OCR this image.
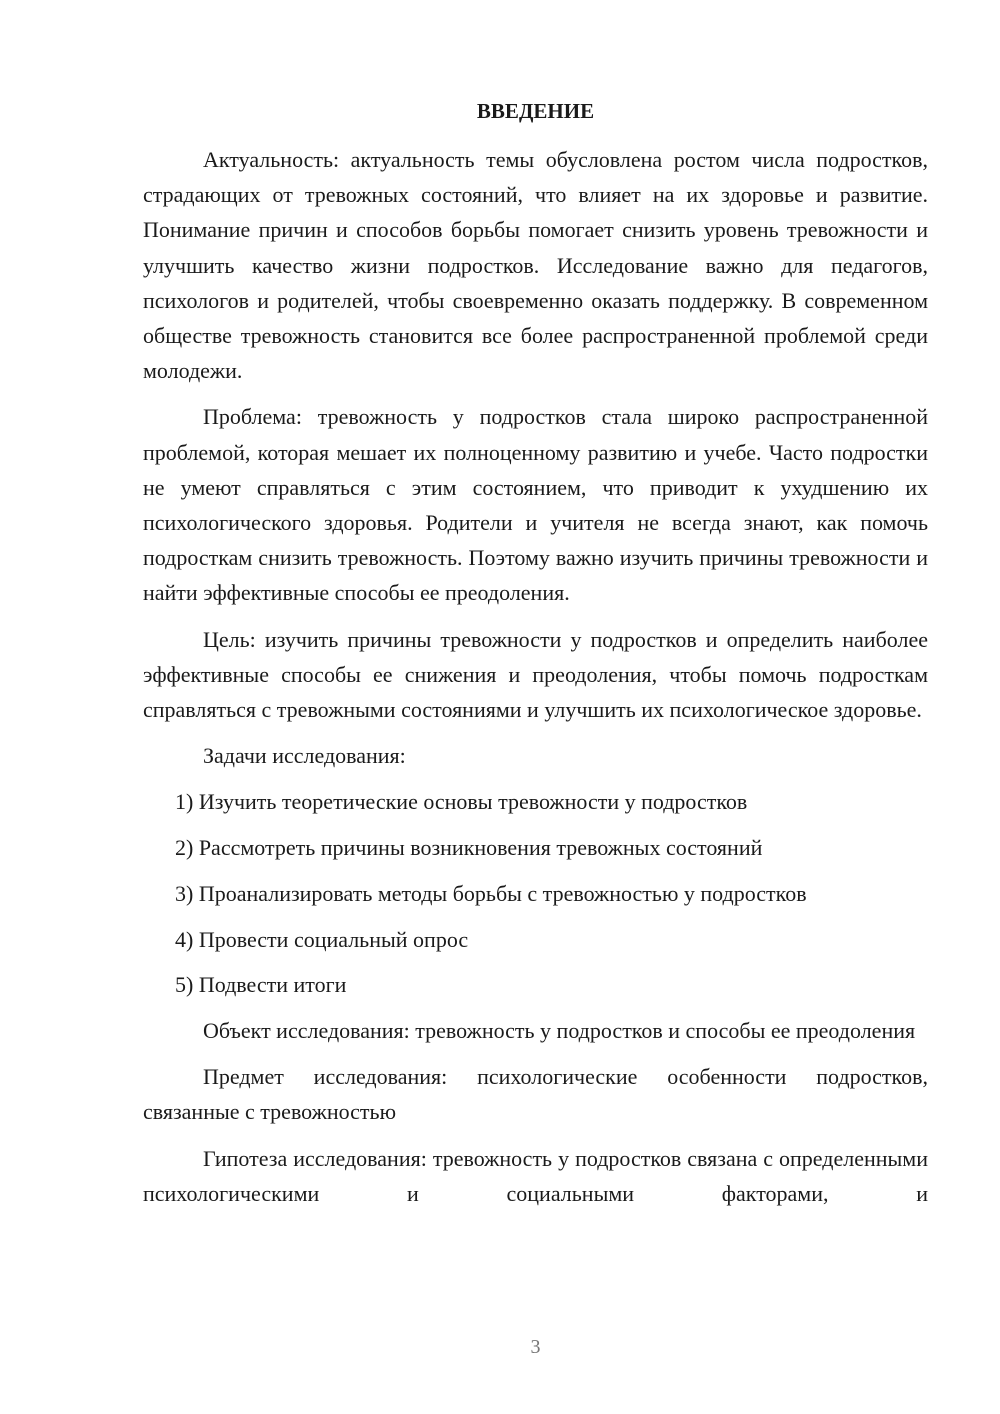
ВВЕДЕНИЕ

Актуальность: актуальность темы обусловлена ростом числа подростков, страдающих от тревожных состояний, что влияет на их здоровье и развитие. Понимание причин и способов борьбы помогает снизить уровень тревожности и улучшить качество жизни подростков. Исследование важно для педагогов, психологов и родителей, чтобы своевременно оказать поддержку. В современном обществе тревожность становится все более распространенной проблемой среди молодежи.

Проблема: тревожность у подростков стала широко распространенной проблемой, которая мешает их полноценному развитию и учебе. Часто подростки не умеют справляться с этим состоянием, что приводит к ухудшению их психологического здоровья. Родители и учителя не всегда знают, как помочь подросткам снизить тревожность. Поэтому важно изучить причины тревожности и найти эффективные способы ее преодоления.

Цель: изучить причины тревожности у подростков и определить наиболее эффективные способы ее снижения и преодоления, чтобы помочь подросткам справляться с тревожными состояниями и улучшить их психологическое здоровье.

Задачи исследования:

1) Изучить теоретические основы тревожности у подростков

2) Рассмотреть причины возникновения тревожных состояний

3) Проанализировать методы борьбы с тревожностью у подростков

4) Провести социальный опрос

5) Подвести итоги

Объект исследования: тревожность у подростков и способы ее преодоления

Предмет исследования: психологические особенности подростков, связанные с тревожностью

Гипотеза исследования: тревожность у подростков связана с определенными психологическими и социальными факторами, и

3
